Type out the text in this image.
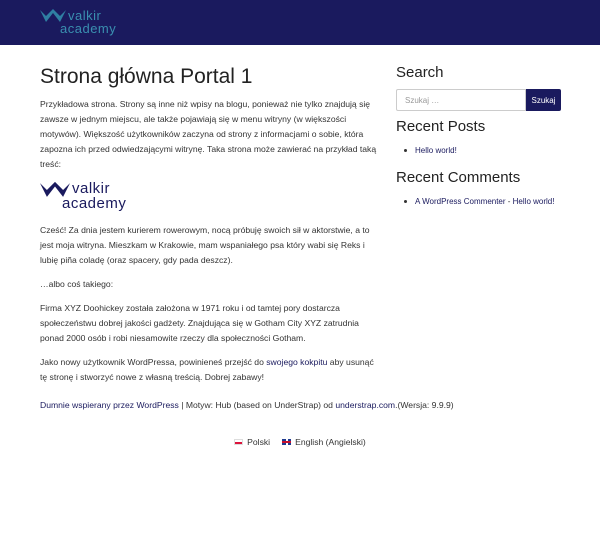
valkir
academy
Strona główna Portal 1

Przykładowa strona. Strony są inne niż wpisy na blogu, ponieważ nie tylko znajdują się zawsze w jednym miejscu, ale także pojawiają się w menu witryny (w większości motywów). Większość użytkowników zaczyna od strony z informacjami o sobie, która zapozna ich przed odwiedzającymi witrynę. Taka strona może zawierać na przykład taką treść:

valkir
academy

Cześć! Za dnia jestem kurierem rowerowym, nocą próbuję swoich sił w aktorstwie, a to jest moja witryna. Mieszkam w Krakowie, mam wspaniałego psa który wabi się Reks i lubię piña coladę (oraz spacery, gdy pada deszcz).

…albo coś takiego:

Firma XYZ Doohickey została założona w 1971 roku i od tamtej pory dostarcza społeczeństwu dobrej jakości gadżety. Znajdująca się w Gotham City XYZ zatrudnia ponad 2000 osób i robi niesamowite rzeczy dla społeczności Gotham.

Jako nowy użytkownik WordPressa, powinieneś przejść do swojego kokpitu aby usunąć tę stronę i stworzyć nowe z własną treścią. Dobrej zabawy!

Search
Szukaj …
Szukaj
Recent Posts
Hello world!
Recent Comments
A WordPress Commenter - Hello world!
Dumnie wspierany przez WordPress | Motyw: Hub (based on UnderStrap) od understrap.com.(Wersja: 9.9.9)
Polski	English (Angielski)
